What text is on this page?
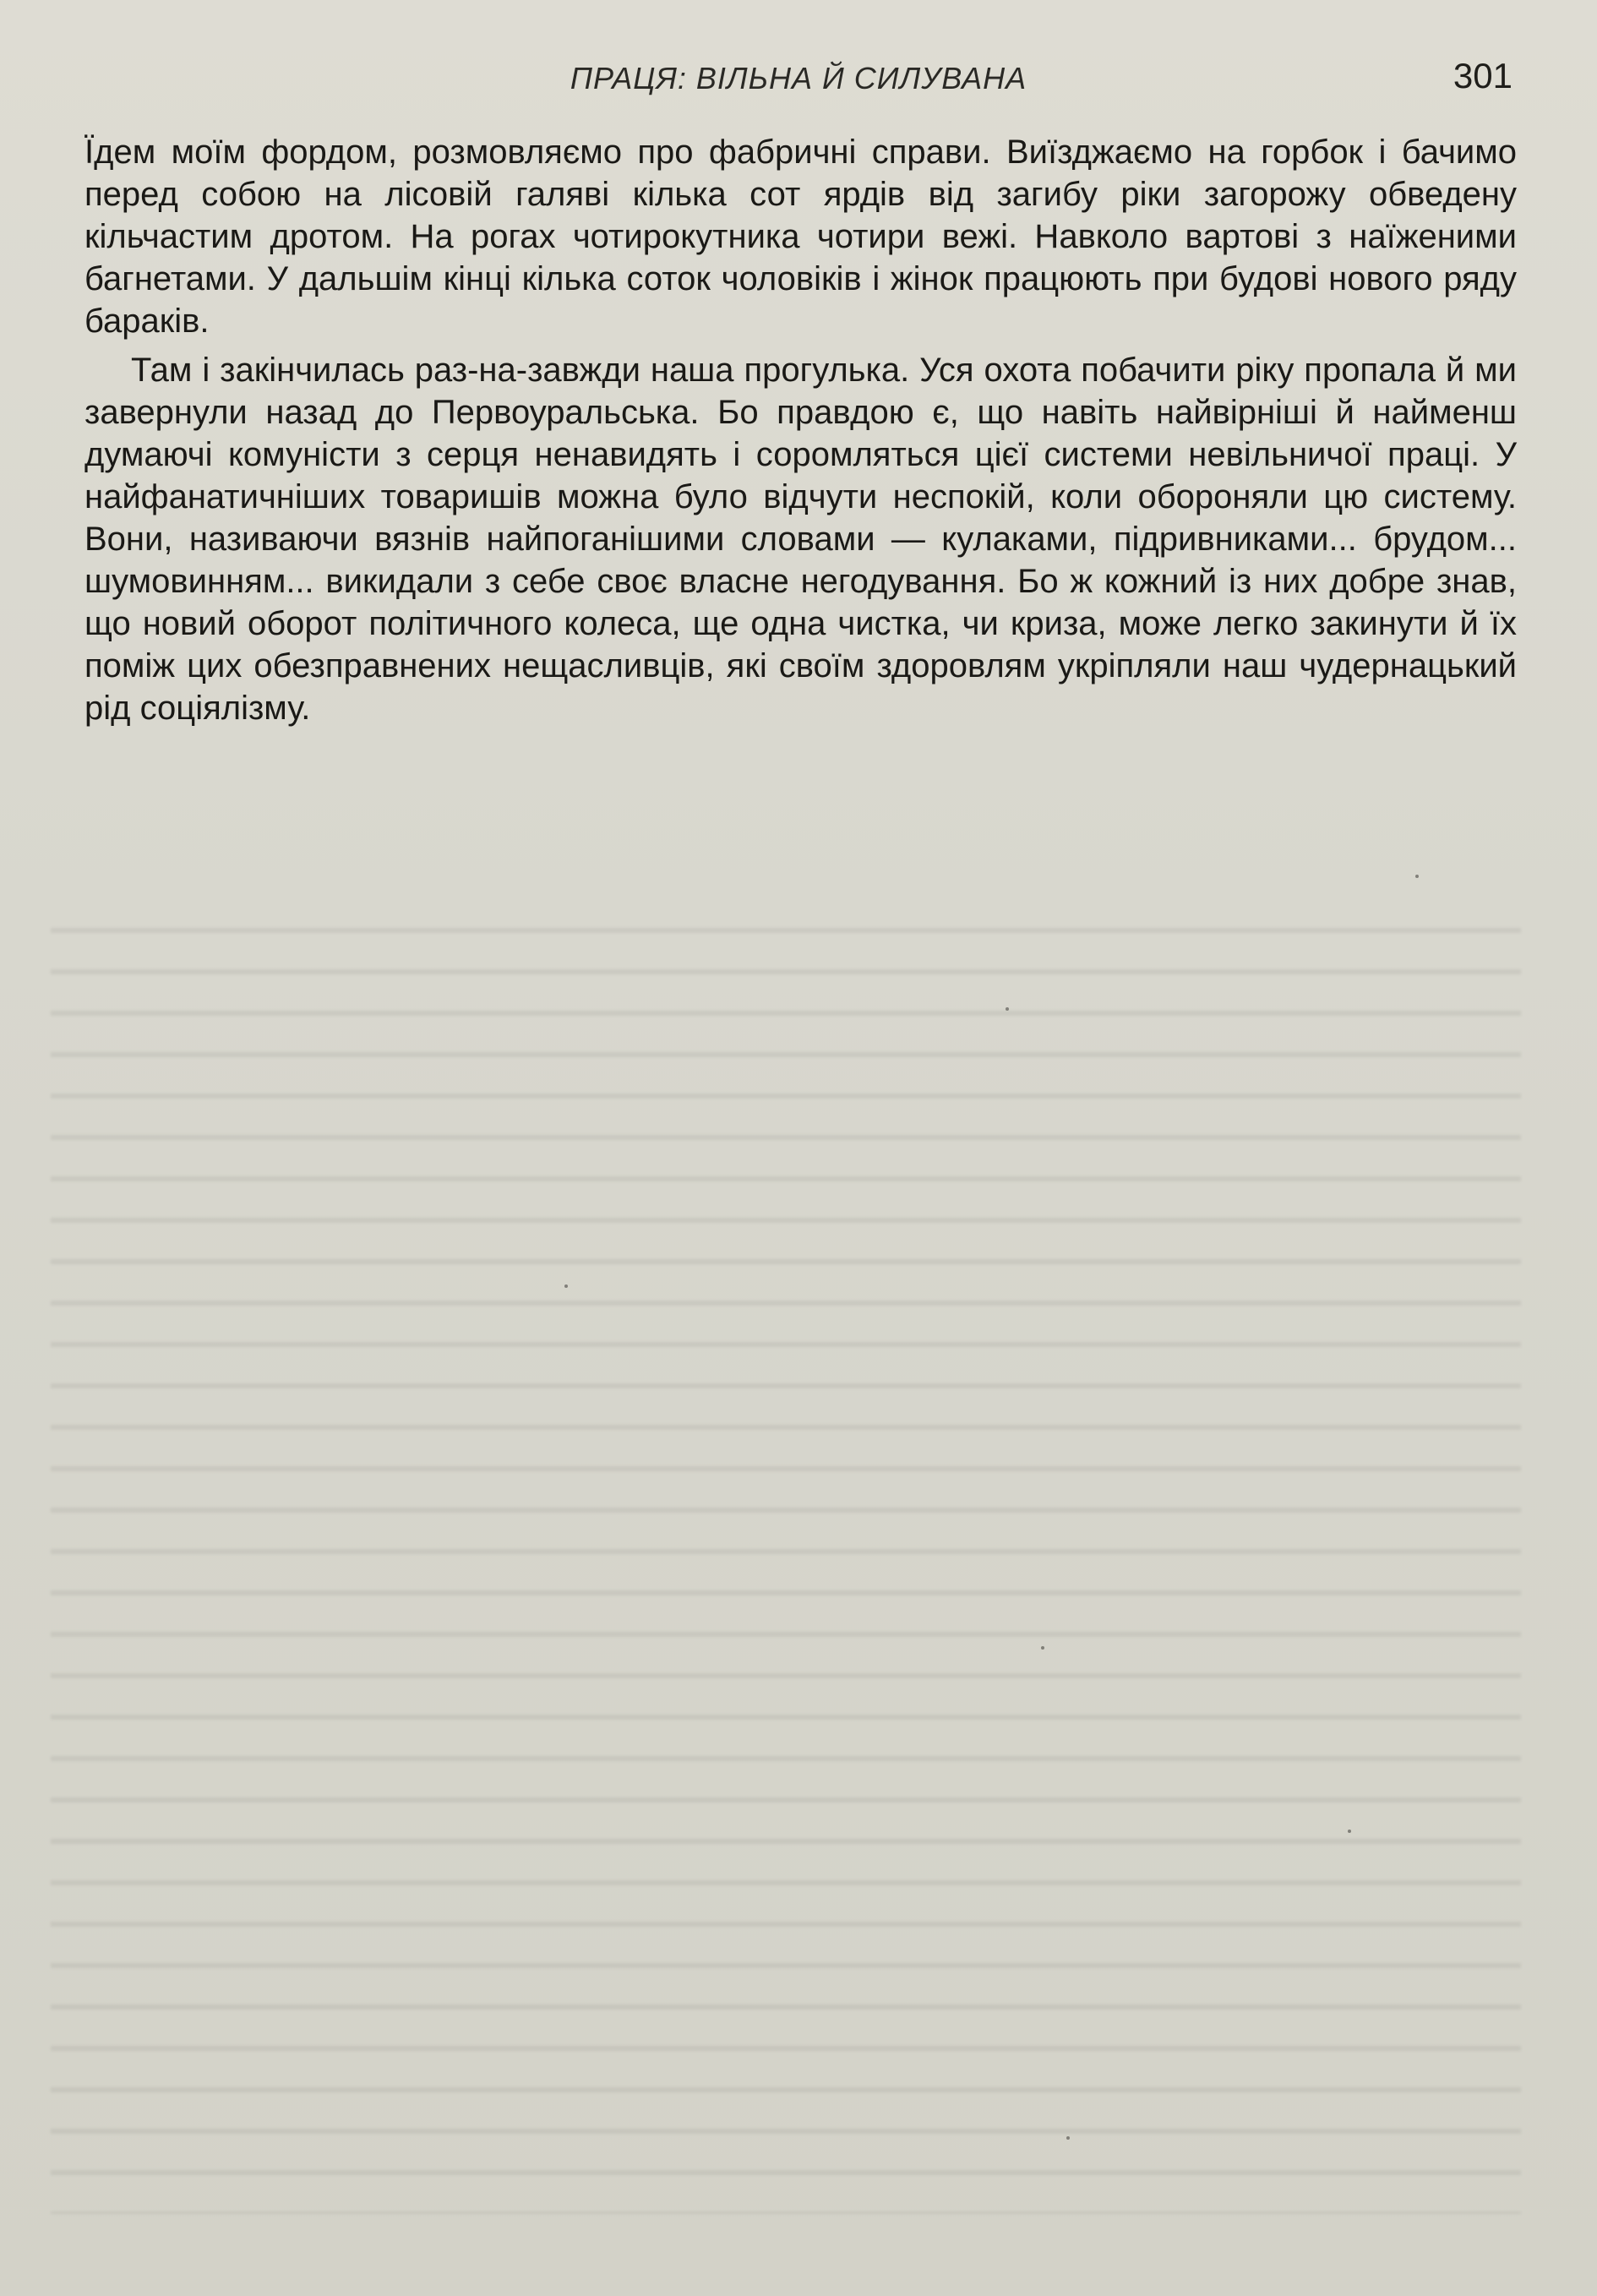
ПРАЦЯ: ВІЛЬНА Й СИЛУВАНА	301

Їдем моїм фордом, розмовляємо про фабричні справи. Виїзджаємо на горбок і бачимо перед собою на лісовій галяві кілька сот ярдів від загибу ріки загорожу обведену кільчастим дротом. На рогах чотирокутника чотири вежі. Навколо вартові з наїженими багнетами. У дальшім кінці кілька соток чоловіків і жінок працюють при будові нового ряду бараків.

Там і закінчилась раз-на-завжди наша прогулька. Уся охота побачити ріку пропала й ми завернули назад до Первоуральська. Бо правдою є, що навіть найвірніші й найменш думаючі комуністи з серця ненавидять і соромляться цієї системи невільничої праці. У найфанатичніших товаришів можна було відчути неспокій, коли обороняли цю систему. Вони, називаючи вязнів найпоганішими словами — кулаками, підривниками... брудом... шумовинням... викидали з себе своє власне негодування. Бо ж кожний із них добре знав, що новий оборот політичного колеса, ще одна чистка, чи криза, може легко закинути й їх поміж цих обезправнених нещасливців, які своїм здоровлям укріпляли наш чудернацький рід соціялізму.
